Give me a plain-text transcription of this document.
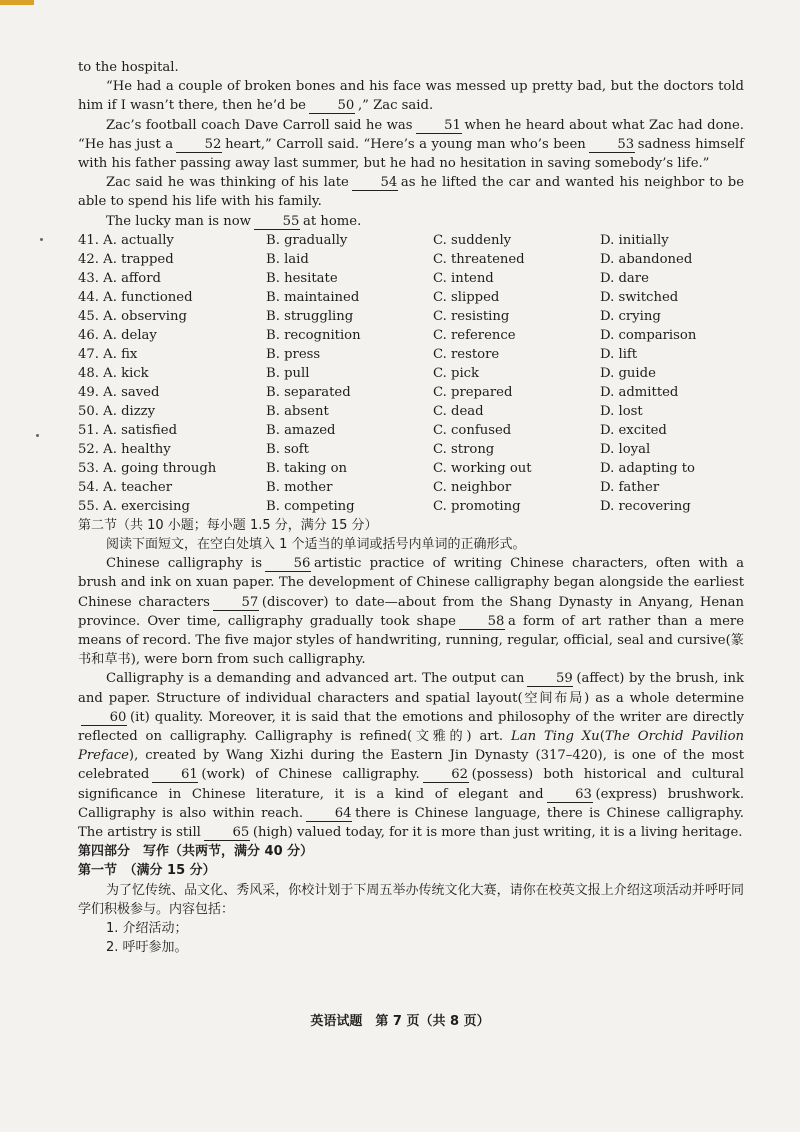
to the hospital.

“He had a couple of broken bones and his face was messed up pretty bad, but the doctors told him if I wasn’t there, then he’d be 50 ,” Zac said.

Zac’s football coach Dave Carroll said he was 51 when he heard about what Zac had done. “He has just a 52 heart,” Carroll said. “Here’s a young man who’s been 53 sadness himself with his father passing away last summer, but he had no hesitation in saving somebody’s life.”

Zac said he was thinking of his late 54 as he lifted the car and wanted his neighbor to be able to spend his life with his family.

The lucky man is now 55 at home.

41. A. actually	B. gradually	C. suddenly	D. initially
42. A. trapped	B. laid	C. threatened	D. abandoned
43. A. afford	B. hesitate	C. intend	D. dare
44. A. functioned	B. maintained	C. slipped	D. switched
45. A. observing	B. struggling	C. resisting	D. crying
46. A. delay	B. recognition	C. reference	D. comparison
47. A. fix	B. press	C. restore	D. lift
48. A. kick	B. pull	C. pick	D. guide
49. A. saved	B. separated	C. prepared	D. admitted
50. A. dizzy	B. absent	C. dead	D. lost
51. A. satisfied	B. amazed	C. confused	D. excited
52. A. healthy	B. soft	C. strong	D. loyal
53. A. going through	B. taking on	C. working out	D. adapting to
54. A. teacher	B. mother	C. neighbor	D. father
55. A. exercising	B. competing	C. promoting	D. recovering

第二节（共 10 小题；每小题 1.5 分，满分 15 分）

阅读下面短文，在空白处填入 1 个适当的单词或括号内单词的正确形式。

Chinese calligraphy is 56 artistic practice of writing Chinese characters, often with a brush and ink on xuan paper. The development of Chinese calligraphy began alongside the earliest Chinese characters 57 (discover) to date—about from the Shang Dynasty in Anyang, Henan province. Over time, calligraphy gradually took shape 58 a form of art rather than a mere means of record. The five major styles of handwriting, running, regular, official, seal and cursive(篆书和草书), were born from such calligraphy.

Calligraphy is a demanding and advanced art. The output can 59 (affect) by the brush, ink and paper. Structure of individual characters and spatial layout(空间布局) as a whole determine60 (it) quality. Moreover, it is said that the emotions and philosophy of the writer are directly reflected on calligraphy. Calligraphy is refined(文雅的) art. Lan Ting Xu(The Orchid Pavilion Preface), created by Wang Xizhi during the Eastern Jin Dynasty (317–420), is one of the most celebrated 61 (work) of Chinese calligraphy. 62 (possess) both historical and cultural significance in Chinese literature, it is a kind of elegant and 63 (express) brushwork. Calligraphy is also within reach. 64 there is Chinese language, there is Chinese calligraphy. The artistry is still 65 (high) valued today, for it is more than just writing, it is a living heritage.

第四部分　写作（共两节，满分 40 分）

第一节　（满分 15 分）

为了忆传统、品文化、秀风采，你校计划于下周五举办传统文化大赛，请你在校英文报上介绍这项活动并呼吁同学们积极参与。内容包括：

1. 介绍活动；

2. 呼吁参加。

英语试题　第 7 页（共 8 页）
